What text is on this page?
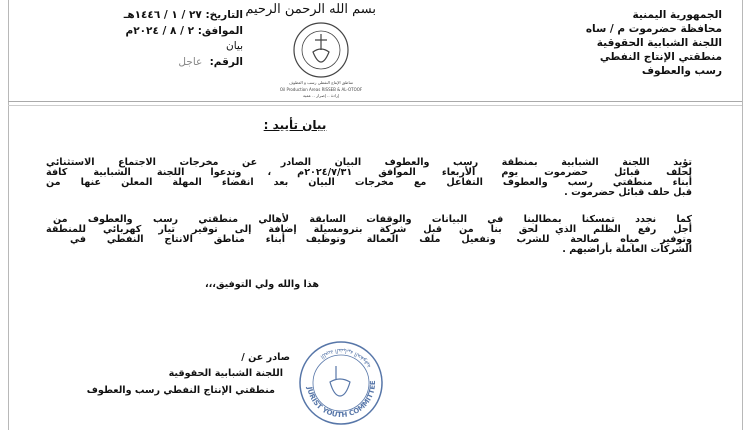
الجمهورية اليمنية
محافظة حضرموت م / ساه
اللجنة الشبابية الحقوقية
منطقتي الإنتاج النفطي
رسب والعطوف
التاريخ: ٢٧ / ١ / ١٤٤٦هـ
الموافق: ٢ / ٨ / ٢٠٢٤م
بيان
الرقم:  عاجل
بسم الله الرحمن الرحيم
مناطق الإنتاج النفطي رسب و العطوف
Oil Production Areas RISSEB & AL-OTOOF
إرادة .. إصرار .. عمية
بيان تأييد :
تؤيد اللجنة الشبابية بمنطقة رسب والعطوف البيان الصادر عن مخرجات الاجتماع الاستثنائي
لحلف قبائل حضرموت يوم الأربعاء الموافق ٢٠٢٤/٧/٣١م ، وتدعوا اللجنة الشبابية كافة
أبناء منطقتي رسب والعطوف التفاعل مع مخرجات البيان بعد انقضاء المهلة المعلن عنها من
قبل حلف قبائل حضرموت .
كما نجدد تمسكنا بمطالبنا في البيانات والوقفات السابقة لأهالي منطقتي رسب والعطوف من
أجل رفع الظلم الذي لحق بنا من قبل شركة بترومسيلة إضافة إلى توفير تيار كهربائي للمنطقة
وتوفير مياه صالحة للشرب وتفعيل ملف العمالة وتوظيف أبناء مناطق الانتاج النفطي في
الشركات العاملة بأراضيهم .
هذا والله ولي التوفيق،،،
صادر عن /
اللجنة الشبابية الحقوقية
منطقتي الإنتاج النفطي رسب والعطوف	JURIST YOUTH COMMITTEE
اللجنة الشبابية الحقوقية
